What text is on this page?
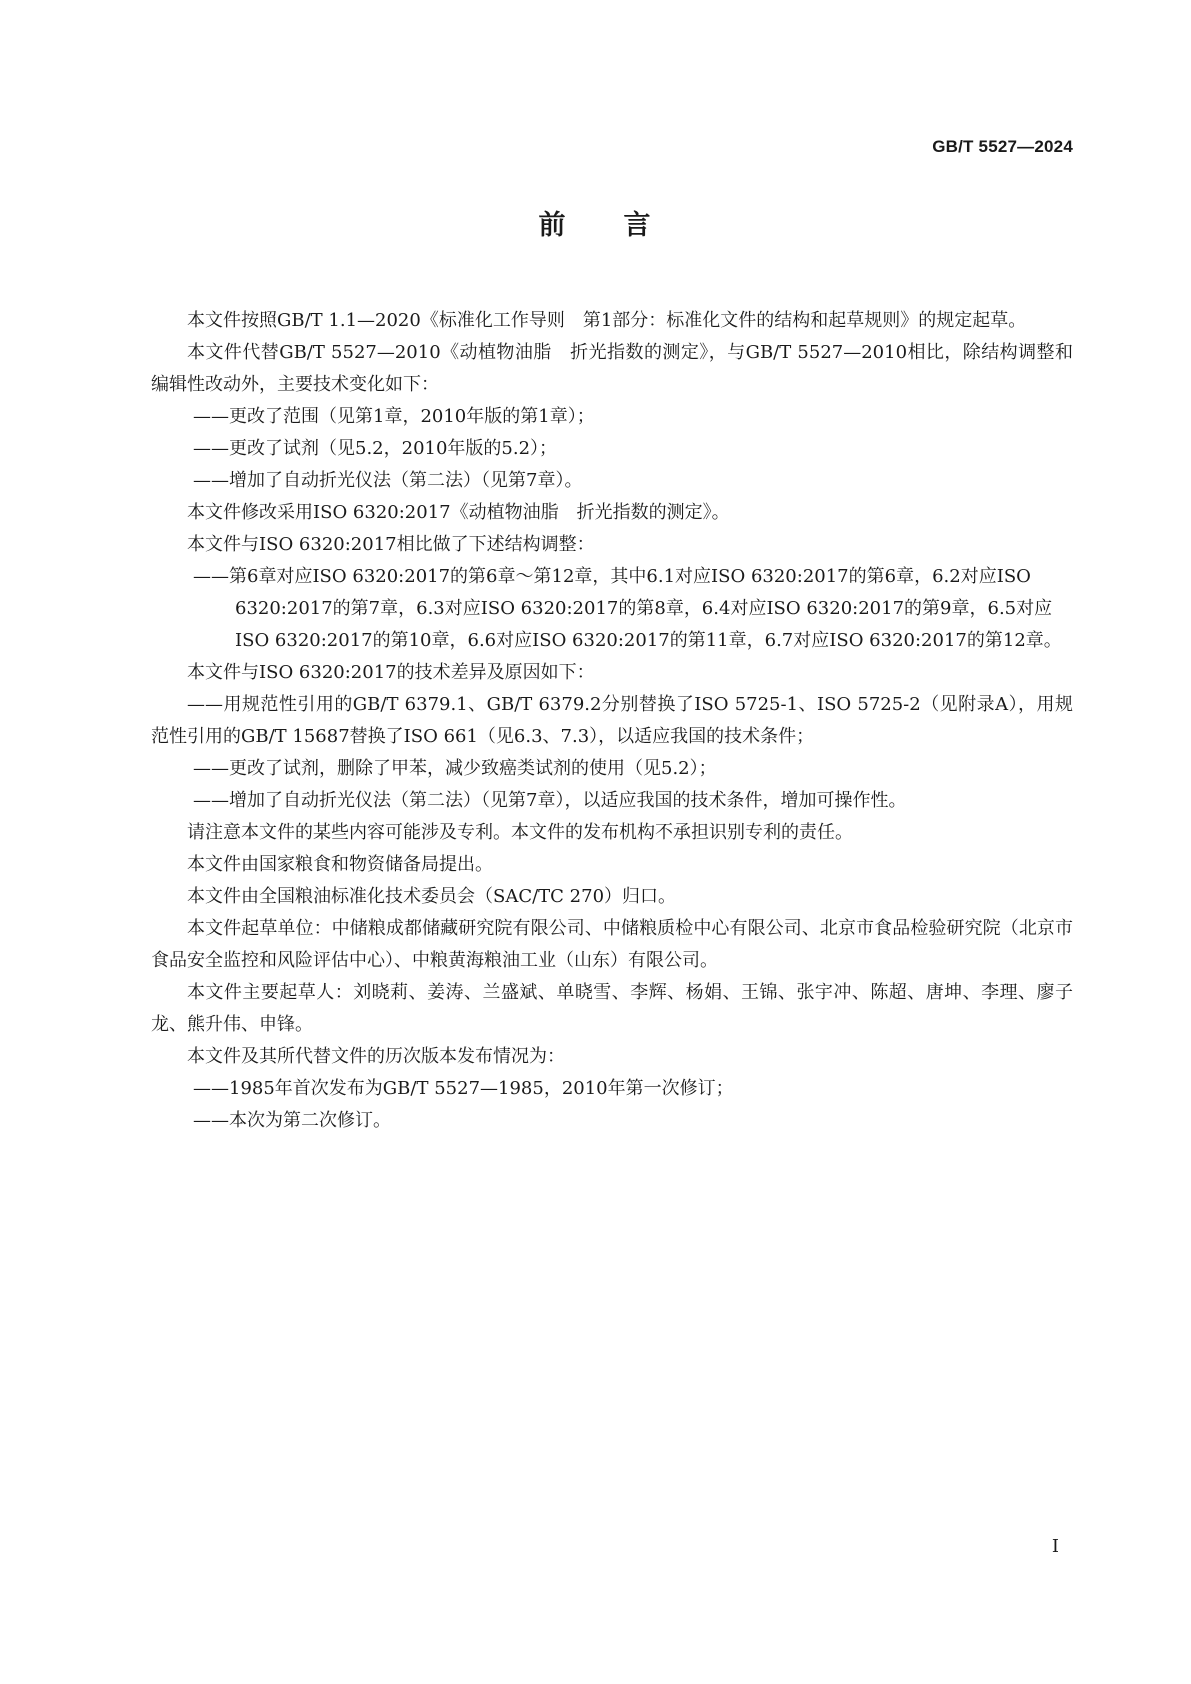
GB/T 5527—2024
前 言

本文件按照GB/T 1.1—2020《标准化工作导则　第1部分：标准化文件的结构和起草规则》的规定起草。

本文件代替GB/T 5527—2010《动植物油脂　折光指数的测定》，与GB/T 5527—2010相比，除结构调整和编辑性改动外，主要技术变化如下：

——更改了范围（见第1章，2010年版的第1章）；

——更改了试剂（见5.2，2010年版的5.2）；

——增加了自动折光仪法（第二法）（见第7章）。

本文件修改采用ISO 6320:2017《动植物油脂　折光指数的测定》。

本文件与ISO 6320:2017相比做了下述结构调整：

——第6章对应ISO 6320:2017的第6章～第12章，其中6.1对应ISO 6320:2017的第6章，6.2对应ISO 6320:2017的第7章，6.3对应ISO 6320:2017的第8章，6.4对应ISO 6320:2017的第9章，6.5对应ISO 6320:2017的第10章，6.6对应ISO 6320:2017的第11章，6.7对应ISO 6320:2017的第12章。

本文件与ISO 6320:2017的技术差异及原因如下：

——用规范性引用的GB/T 6379.1、GB/T 6379.2分别替换了ISO 5725-1、ISO 5725-2（见附录A），用规范性引用的GB/T 15687替换了ISO 661（见6.3、7.3），以适应我国的技术条件；

——更改了试剂，删除了甲苯，减少致癌类试剂的使用（见5.2）；

——增加了自动折光仪法（第二法）（见第7章），以适应我国的技术条件，增加可操作性。

请注意本文件的某些内容可能涉及专利。本文件的发布机构不承担识别专利的责任。

本文件由国家粮食和物资储备局提出。

本文件由全国粮油标准化技术委员会（SAC/TC 270）归口。

本文件起草单位：中储粮成都储藏研究院有限公司、中储粮质检中心有限公司、北京市食品检验研究院（北京市食品安全监控和风险评估中心）、中粮黄海粮油工业（山东）有限公司。

本文件主要起草人：刘晓莉、姜涛、兰盛斌、单晓雪、李辉、杨娟、王锦、张宇冲、陈超、唐坤、李理、廖子龙、熊升伟、申锋。

本文件及其所代替文件的历次版本发布情况为：

——1985年首次发布为GB/T 5527—1985，2010年第一次修订；

——本次为第二次修订。

I
